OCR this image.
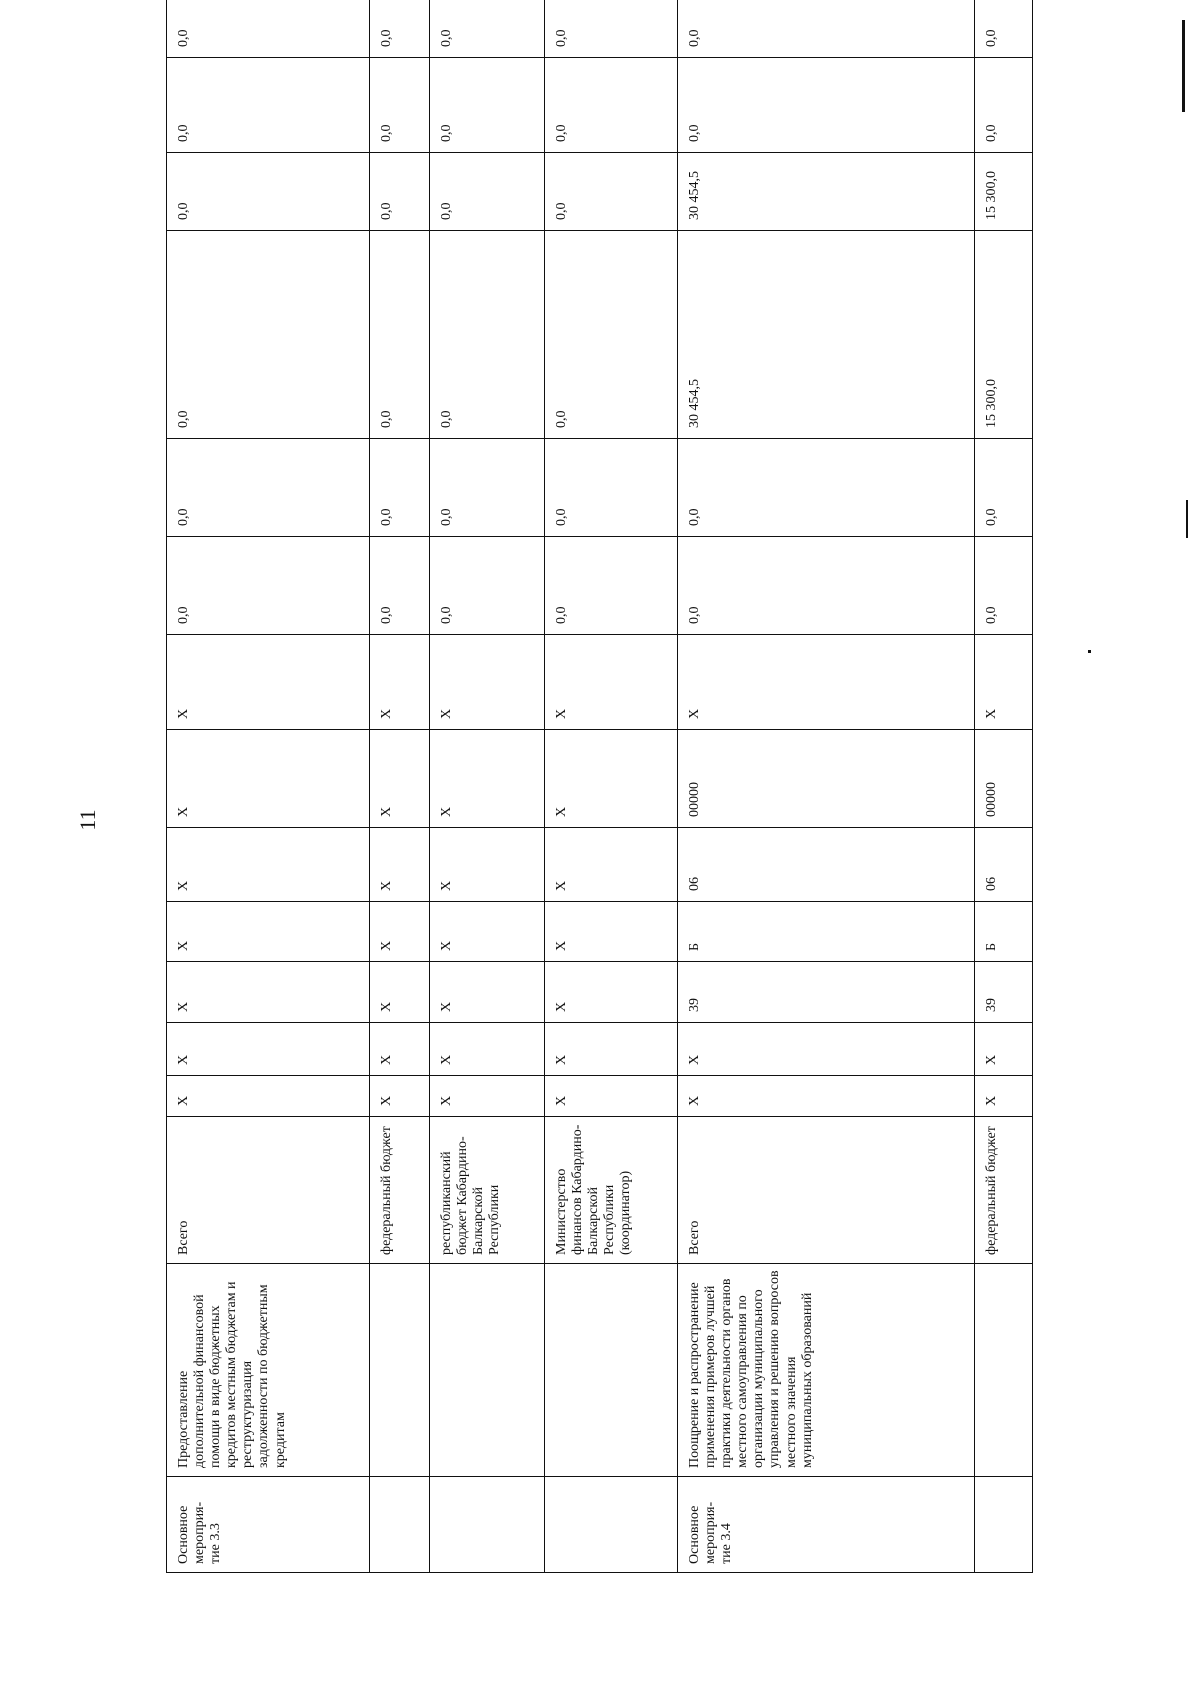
11
Основное мероприя-тие 3.3	Предоставление дополнительной финансовой помощи в виде бюджетных кредитов местным бюджетам и реструктуризация задолженности по бюджетным кредитам	Всего	Х	Х	Х	Х	Х	Х	Х	0,0	0,0	0,0	0,0	0,0	0,0		
		федеральный бюджет	Х	Х	Х	Х	Х	Х	Х	0,0	0,0	0,0	0,0	0,0	0,0		
		республиканский бюджет Кабардино-Балкарской Республики	Х	Х	Х	Х	Х	Х	Х	0,0	0,0	0,0	0,0	0,0	0,0		
		Министерство финансов Кабардино-Балкарской Республики (координатор)	Х	Х	Х	Х	Х	Х	Х	0,0	0,0	0,0	0,0	0,0	0,0		
Основное мероприя-тие 3.4	Поощрение и распространение применения примеров лучшей практики деятельности органов местного самоуправления по организации муниципального управления и решению вопросов местного значения муниципальных образований	Всего	Х	Х	39	Б	06	00000	Х	0,0	0,0	30 454,5	30 454,5	0,0	0,0		
		федеральный бюджет	Х	Х	39	Б	06	00000	Х	0,0	0,0	15 300,0	15 300,0	0,0	0,0		
